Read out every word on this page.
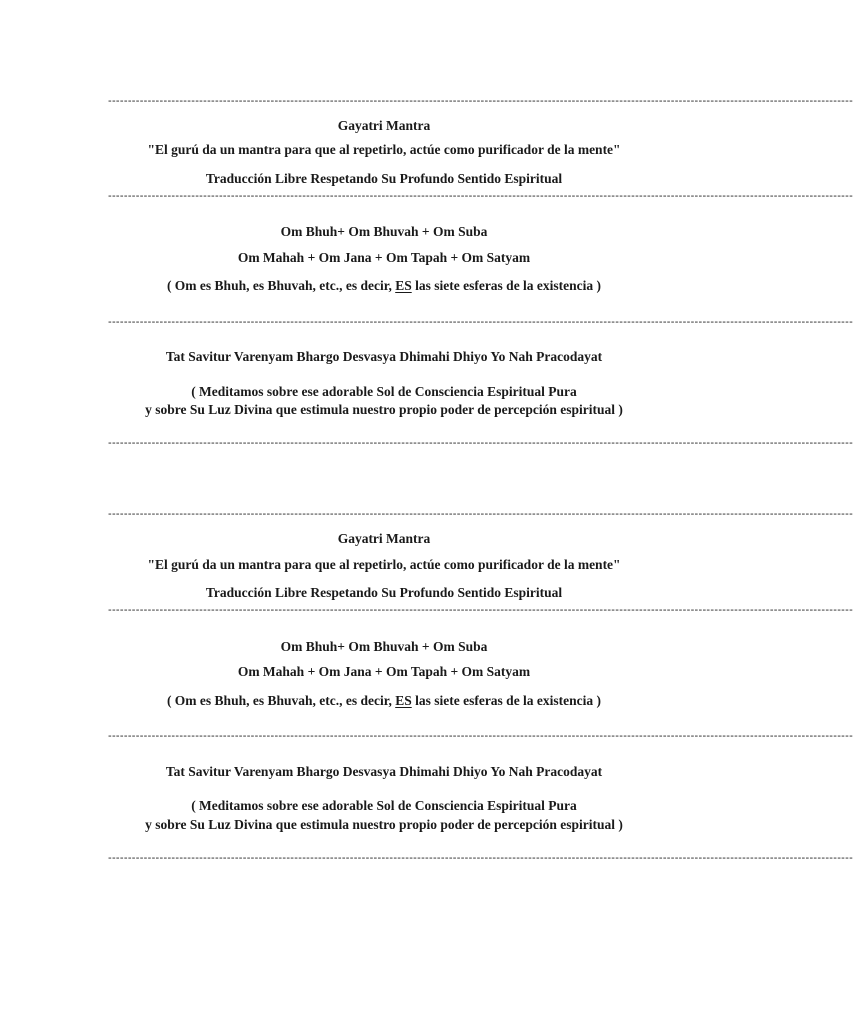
--------------------------------------------------------------------------------------------------------------------------------------------------------------------------------------------
Gayatri Mantra
"El gurú da un mantra para que al repetirlo, actúe como purificador de la mente"
Traducción Libre Respetando Su Profundo Sentido Espiritual
--------------------------------------------------------------------------------------------------------------------------------------------------------------------------------------------
Om Bhuh+ Om Bhuvah + Om Suba
Om Mahah + Om Jana + Om Tapah + Om Satyam
( Om es Bhuh, es Bhuvah, etc., es decir, ES las siete esferas de la existencia )
--------------------------------------------------------------------------------------------------------------------------------------------------------------------------------------------
Tat Savitur Varenyam Bhargo Desvasya Dhimahi Dhiyo Yo Nah Pracodayat
( Meditamos sobre ese adorable Sol de Consciencia Espiritual Pura
y sobre Su Luz Divina que estimula nuestro propio poder de percepción espiritual )
--------------------------------------------------------------------------------------------------------------------------------------------------------------------------------------------
--------------------------------------------------------------------------------------------------------------------------------------------------------------------------------------------
Gayatri Mantra
"El gurú da un mantra para que al repetirlo, actúe como purificador de la mente"
Traducción Libre Respetando Su Profundo Sentido Espiritual
--------------------------------------------------------------------------------------------------------------------------------------------------------------------------------------------
Om Bhuh+ Om Bhuvah + Om Suba
Om Mahah + Om Jana + Om Tapah + Om Satyam
( Om es Bhuh, es Bhuvah, etc., es decir, ES las siete esferas de la existencia )
--------------------------------------------------------------------------------------------------------------------------------------------------------------------------------------------
Tat Savitur Varenyam Bhargo Desvasya Dhimahi Dhiyo Yo Nah Pracodayat
( Meditamos sobre ese adorable Sol de Consciencia Espiritual Pura
y sobre Su Luz Divina que estimula nuestro propio poder de percepción espiritual )
--------------------------------------------------------------------------------------------------------------------------------------------------------------------------------------------
